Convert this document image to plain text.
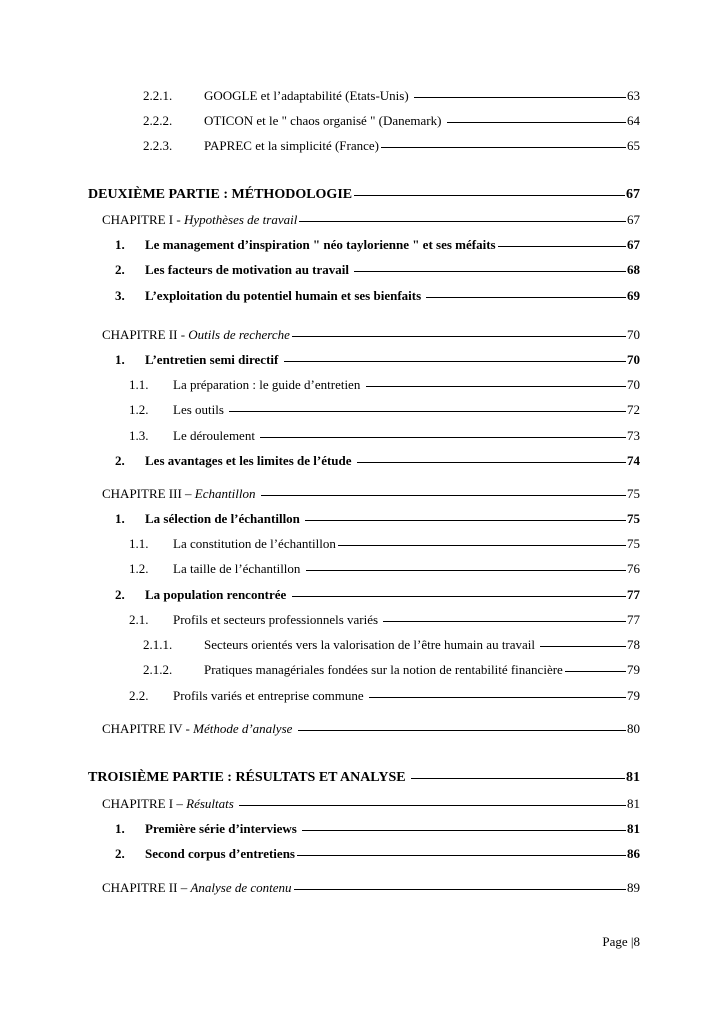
2.2.1.	GOOGLE et l’adaptabilité (Etats-Unis)	63
2.2.2.	OTICON et le " chaos organisé " (Danemark)	64
2.2.3.	PAPREC et la simplicité (France)	65
DEUXIÈME PARTIE : MÉTHODOLOGIE	67
CHAPITRE I - Hypothèses de travail	67
1.	Le management d’inspiration " néo taylorienne " et ses méfaits	67
2.	Les facteurs de motivation au travail	68
3.	L’exploitation du potentiel humain et ses bienfaits	69
CHAPITRE II - Outils de recherche	70
1.	L’entretien semi directif	70
1.1.	La préparation : le guide d’entretien	70
1.2.	Les outils	72
1.3.	Le déroulement	73
2.	Les avantages et les limites de l’étude	74
CHAPITRE III – Echantillon	75
1.	La sélection de l’échantillon	75
1.1.	La constitution de l’échantillon	75
1.2.	La taille de l’échantillon	76
2.	La population rencontrée	77
2.1.	Profils et secteurs professionnels variés	77
2.1.1.	Secteurs orientés vers la valorisation de l’être humain au travail	78
2.1.2.	Pratiques managériales fondées sur la notion de rentabilité financière	79
2.2.	Profils variés et entreprise commune	79
CHAPITRE IV - Méthode d’analyse	80
TROISIÈME PARTIE : RÉSULTATS ET ANALYSE	81
CHAPITRE I – Résultats	81
1.	Première série d’interviews	81
2.	Second corpus d’entretiens	86
CHAPITRE II – Analyse de contenu	89
Page |8
